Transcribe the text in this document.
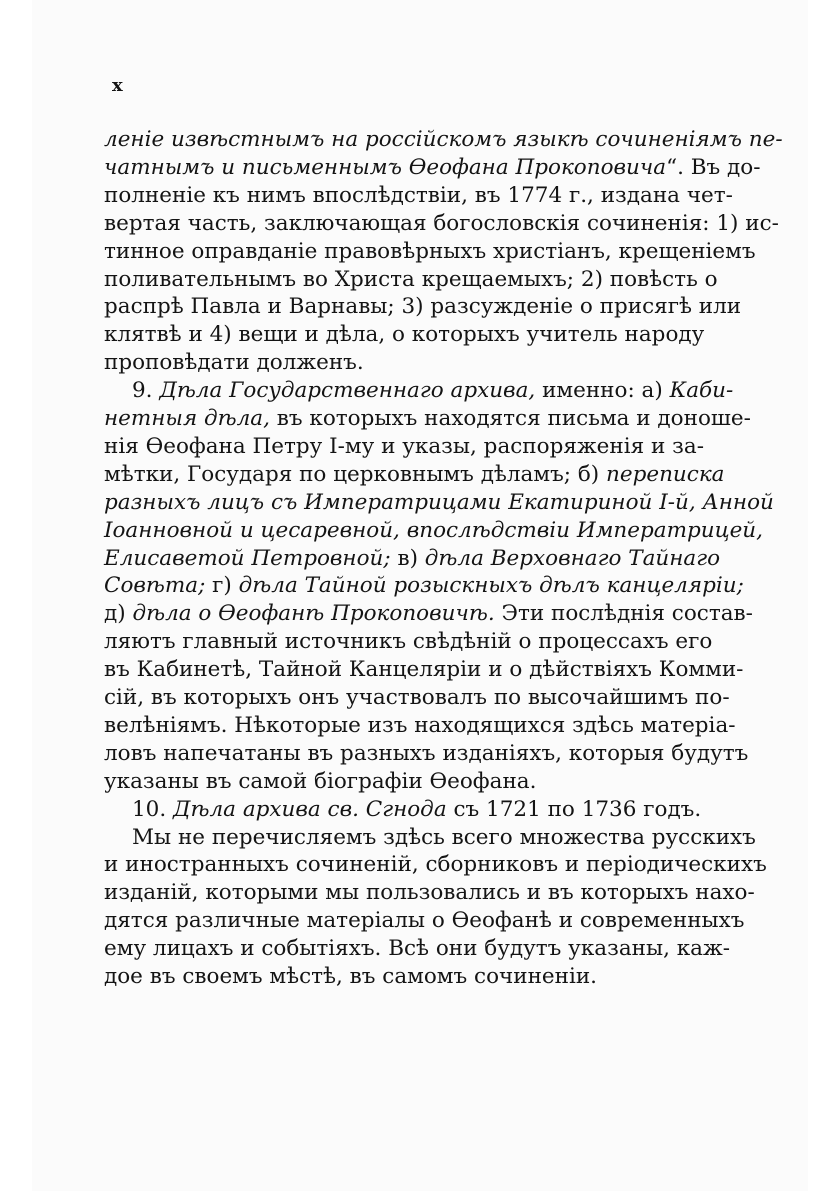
x

леніе извѣстнымъ на россійскомъ языкѣ сочиненіямъ пе-

чатнымъ и письменнымъ Ѳеофана Прокоповича“. Въ до-

полненіе къ нимъ впослѣдствіи, въ 1774 г., издана чет-

вертая часть, заключающая богословскія сочиненія: 1) ис-

тинное оправданіе правовѣрныхъ христіанъ, крещеніемъ

поливательнымъ во Христа крещаемыхъ; 2) повѣсть о

распрѣ Павла и Варнавы; 3) разсужденіе о присягѣ или

клятвѣ и 4) вещи и дѣла, о которыхъ учитель народу

проповѣдати долженъ.

9. Дѣла Государственнаго архива, именно: а) Каби-

нетныя дѣла, въ которыхъ находятся письма и доноше-

нія Ѳеофана Петру I-му и указы, распоряженія и за-

мѣтки, Государя по церковнымъ дѣламъ; б) переписка

разныхъ лицъ съ Императрицами Екатириной I-й, Анной

Іоанновной и цесаревной, впослѣдствіи Императрицей,

Елисаветой Петровной; в) дѣла Верховнаго Тайнаго

Совѣта; г) дѣла Тайной розыскныхъ дѣлъ канцеляріи;

д) дѣла о Ѳеофанѣ Прокоповичѣ. Эти послѣднія состав-

ляютъ главный источникъ свѣдѣній о процессахъ его

въ Кабинетѣ, Тайной Канцеляріи и о дѣйствіяхъ Комми-

сій, въ которыхъ онъ участвовалъ по высочайшимъ по-

велѣніямъ. Нѣкоторые изъ находящихся здѣсь матеріа-

ловъ напечатаны въ разныхъ изданіяхъ, которыя будутъ

указаны въ самой біографіи Ѳеофана.

10. Дѣла архива св. Сгнода съ 1721 по 1736 годъ.

Мы не перечисляемъ здѣсь всего множества русскихъ

и иностранныхъ сочиненій, сборниковъ и періодическихъ

изданій, которыми мы пользовались и въ которыхъ нахо-

дятся различные матеріалы о Ѳеофанѣ и современныхъ

ему лицахъ и событіяхъ. Всѣ они будутъ указаны, каж-

дое въ своемъ мѣстѣ, въ самомъ сочиненіи.
